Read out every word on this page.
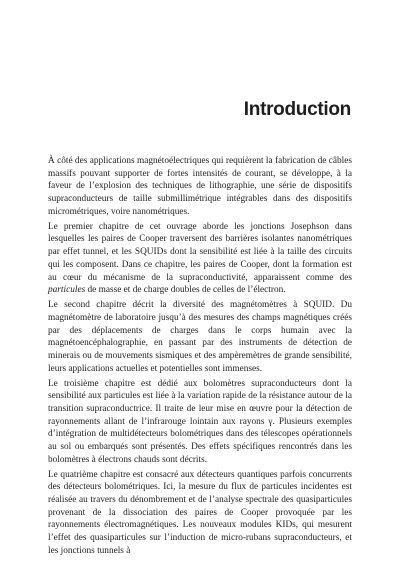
Introduction

À côté des applications magnétoélectriques qui requièrent la fabrication de câbles massifs pouvant supporter de fortes intensités de courant, se développe, à la faveur de l’explosion des techniques de lithographie, une série de dispositifs supraconducteurs de taille submillimétrique intégrables dans des dispositifs micrométriques, voire nanométriques.

Le premier chapitre de cet ouvrage aborde les jonctions Josephson dans lesquelles les paires de Cooper traversent des barrières isolantes nanométriques par effet tunnel, et les SQUIDs dont la sensibilité est liée à la taille des circuits qui les composent. Dans ce chapitre, les paires de Cooper, dont la formation est au cœur du mécanisme de la supraconductivité, apparaissent comme des particules de masse et de charge doubles de celles de l’électron.

Le second chapitre décrit la diversité des magnétomètres à SQUID. Du magnétomètre de laboratoire jusqu’à des mesures des champs magnétiques créés par des déplacements de charges dans le corps humain avec la magnétoencéphalographie, en passant par des instruments de détection de minerais ou de mouvements sismiques et des ampèremètres de grande sensibilité, leurs applications actuelles et potentielles sont immenses.

Le troisième chapitre est dédié aux bolomètres supraconducteurs dont la sensibilité aux particules est liée à la variation rapide de la résistance autour de la transition supraconductrice. Il traite de leur mise en œuvre pour la détection de rayonnements allant de l’infrarouge lointain aux rayons γ. Plusieurs exemples d’intégration de multidétecteurs bolométriques dans des télescopes opérationnels au sol ou embarqués sont présentés. Des effets spécifiques rencontrés dans les bolomètres à électrons chauds sont décrits.

Le quatrième chapitre est consacré aux détecteurs quantiques parfois concurrents des détecteurs bolométriques. Ici, la mesure du flux de particules incidentes est réalisée au travers du dénombrement et de l’analyse spectrale des quasiparticules provenant de la dissociation des paires de Cooper provoquée par les rayonnements électromagnétiques. Les nouveaux modules KIDs, qui mesurent l’effet des quasiparticules sur l’induction de micro-rubans supraconducteurs, et les jonctions tunnels à
